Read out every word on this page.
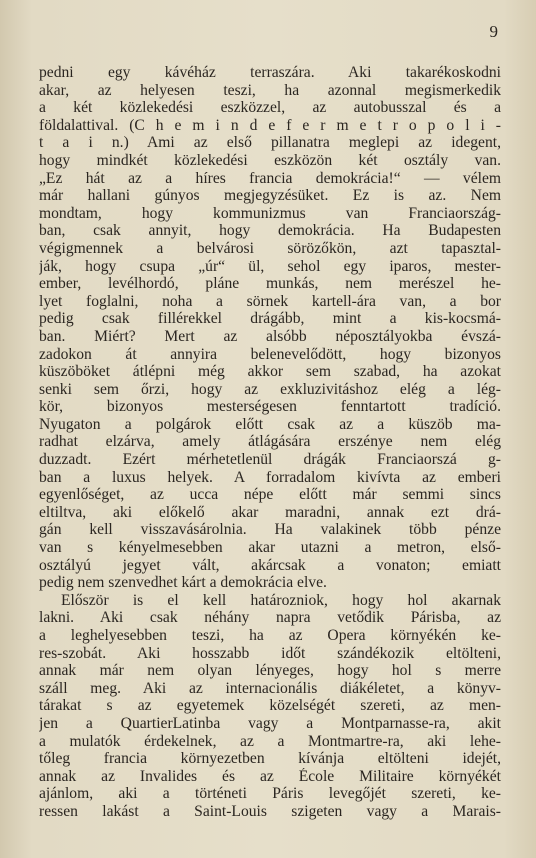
9
pedni egy kávéház terraszára. Aki takarékoskodni
akar, az helyesen teszi, ha azonnal megismerkedik
a két közlekedési eszközzel, az autobusszal és a
földalattival. (C h e m i n d e f e r m e t r o p o l i -
t a i n.) Ami az első pillanatra meglepi az idegent,
hogy mindkét közlekedési eszközön két osztály van.
„Ez hát az a híres francia demokrácia!“ — vélem
már hallani gúnyos megjegyzésüket. Ez is az. Nem
mondtam, hogy kommunizmus van Franciaország-
ban, csak annyit, hogy demokrácia. Ha Budapesten
végigmennek a belvárosi sörözőkön, azt tapasztal-
ják, hogy csupa „úr“ ül, sehol egy iparos, mester-
ember, levélhordó, pláne munkás, nem merészel he-
lyet foglalni, noha a sörnek kartell-ára van, a bor
pedig csak fillérekkel drágább, mint a kis-kocsmá-
ban. Miért? Mert az alsóbb néposztályokba évszá-
zadokon át annyira belenevelődött, hogy bizonyos
küszöböket átlépni még akkor sem szabad, ha azokat
senki sem őrzi, hogy az exkluzivitáshoz elég a lég-
kör, bizonyos mesterségesen fenntartott tradíció.
Nyugaton a polgárok előtt csak az a küszöb ma-
radhat elzárva, amely átlágására erszénye nem elég
duzzadt. Ezért mérhetetlenül drágák Franciaorszá g-
ban a luxus helyek. A forradalom kivívta az emberi
egyenlőséget, az ucca népe előtt már semmi sincs
eltiltva, aki előkelő akar maradni, annak ezt drá-
gán kell visszavásárolnia. Ha valakinek több pénze
van s kényelmesebben akar utazni a metron, első-
osztályú jegyet vált, akárcsak a vonaton; emiatt
pedig nem szenvedhet kárt a demokrácia elve.
Először is el kell határozniok, hogy hol akarnak
lakni. Aki csak néhány napra vetődik Párisba, az
a leghelyesebben teszi, ha az Opera környékén ke-
res-szobát. Aki hosszabb időt szándékozik eltölteni,
annak már nem olyan lényeges, hogy hol s merre
száll meg. Aki az internacionális diákéletet, a könyv-
tárakat s az egyetemek közelségét szereti, az men-
jen a QuartierLatinba vagy a Montparnasse-ra, akit
a mulatók érdekelnek, az a Montmartre-ra, aki lehe-
tőleg francia környezetben kívánja eltölteni idejét,
annak az Invalides és az École Militaire környékét
ajánlom, aki a történeti Páris levegőjét szereti, ke-
ressen lakást a Saint-Louis szigeten vagy a Marais-
